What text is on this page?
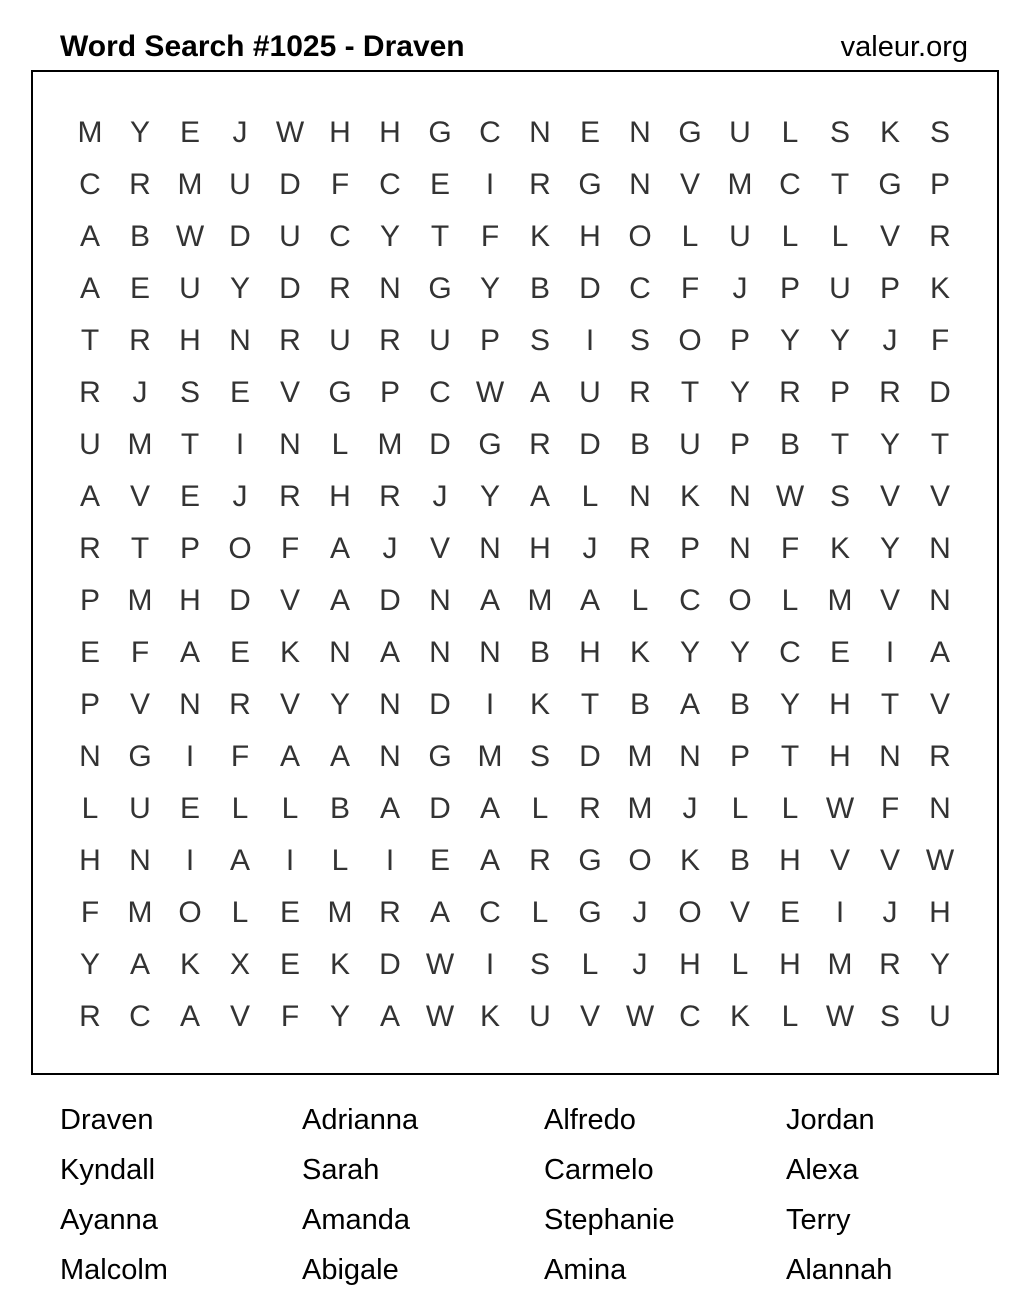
Word Search #1025 - Draven	valeur.org
M Y E	J W H H G C N E N G U	L	S K S
C R M U D	F	C E	I	R G N V M C	T G P
A B W D U C Y	T	F	K H O L	U	L	L	V R
A E U Y D R N G Y B D C	F	J	P U P K
T	R H N R U R U P S	I	S O P Y Y	J	F
R	J	S E V G P C W A U R	T	Y R P R D
U M T	I	N	L M D G R D B U P B	T	Y	T
A V E	J	R H R	J	Y A	L	N K N W S V V
R	T	P O F	A	J	V N H	J	R P N	F	K Y N
P M H D V A D N A M A	L	C O L M V N
E	F	A E K N A N N B H K Y Y C E	I	A
P V N R V Y N D	I	K	T	B A B Y H	T	V
N G	I	F	A A N G M S D M N P	T	H N R
L	U E	L	L	B A D A	L	R M	J	L	L W F	N
H N	I	A	I	L	I	E A R G O K B H V V W
F M O L	E M R A C	L G	J	O V E	I	J	H
Y A K X E K D W	I	S	L	J	H	L	H M R Y
R C A V	F	Y A W K U V W C K	L W S U
Draven	Adrianna	Alfredo	Jordan
Kyndall	Sarah	Carmelo	Alexa
Ayanna	Amanda	Stephanie	Terry
Malcolm	Abigale	Amina	Alannah
